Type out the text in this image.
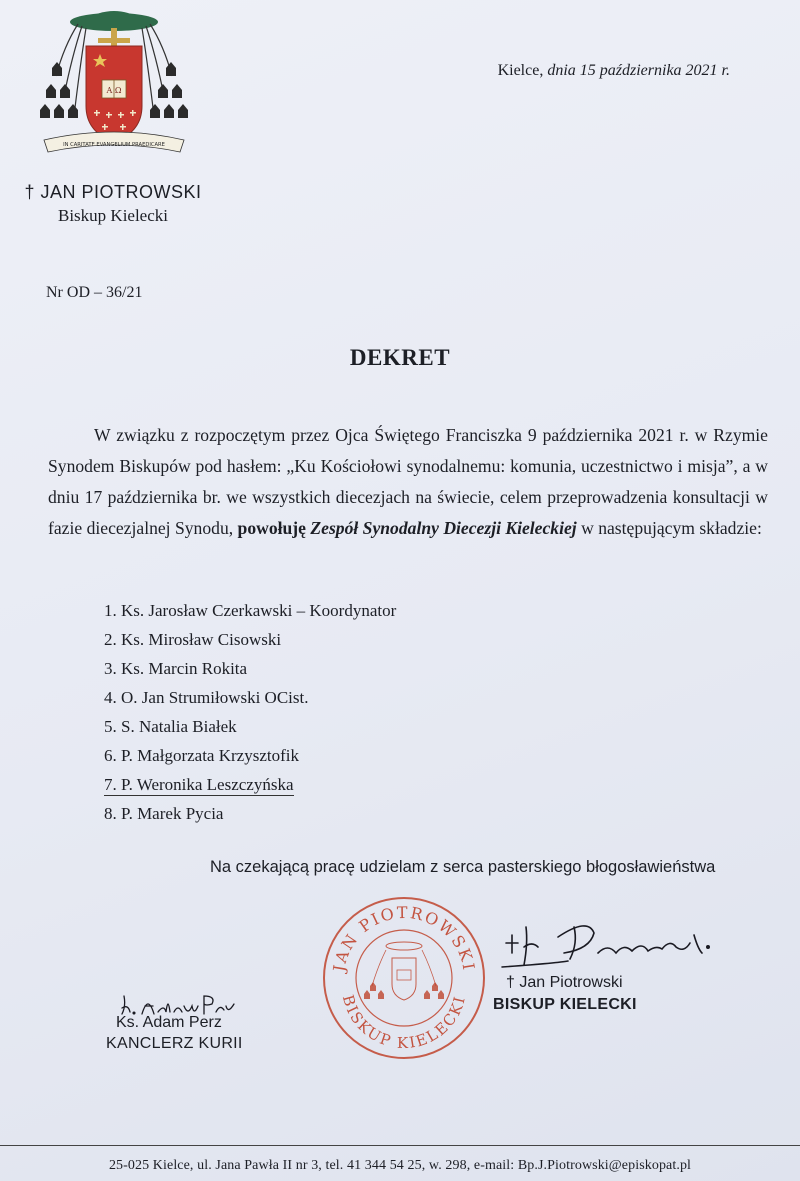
Α Ω
IN CARITATE EVANGELIUM PRAEDICARE
† JAN PIOTROWSKI
Biskup Kielecki
Kielce, dnia 15 października 2021 r.
Nr OD – 36/21
DEKRET
W związku z rozpoczętym przez Ojca Świętego Franciszka 9 października 2021 r. w Rzymie Synodem Biskupów pod hasłem: „Ku Kościołowi synodalnemu: komunia, uczestnictwo i misja”, a w dniu 17 października br. we wszystkich diecezjach na świecie, celem przeprowadzenia konsultacji w fazie diecezjalnej Synodu, powołuję Zespół Synodalny Diecezji Kieleckiej w następującym składzie:
1. Ks. Jarosław Czerkawski – Koordynator
2. Ks. Mirosław Cisowski
3. Ks. Marcin Rokita
4. O. Jan Strumiłowski OCist.
5. S. Natalia Białek
6. P. Małgorzata Krzysztofik
7. P. Weronika Leszczyńska
8. P. Marek Pycia
Na czekającą pracę udzielam z serca pasterskiego błogosławieństwa
JAN PIOTROWSKI
BISKUP KIELECKI
† Jan Piotrowski
BISKUP KIELECKI
Ks. Adam Perz
KANCLERZ KURII
25-025 Kielce, ul. Jana Pawła II nr 3, tel. 41 344 54 25, w. 298, e-mail: Bp.J.Piotrowski@episkopat.pl
